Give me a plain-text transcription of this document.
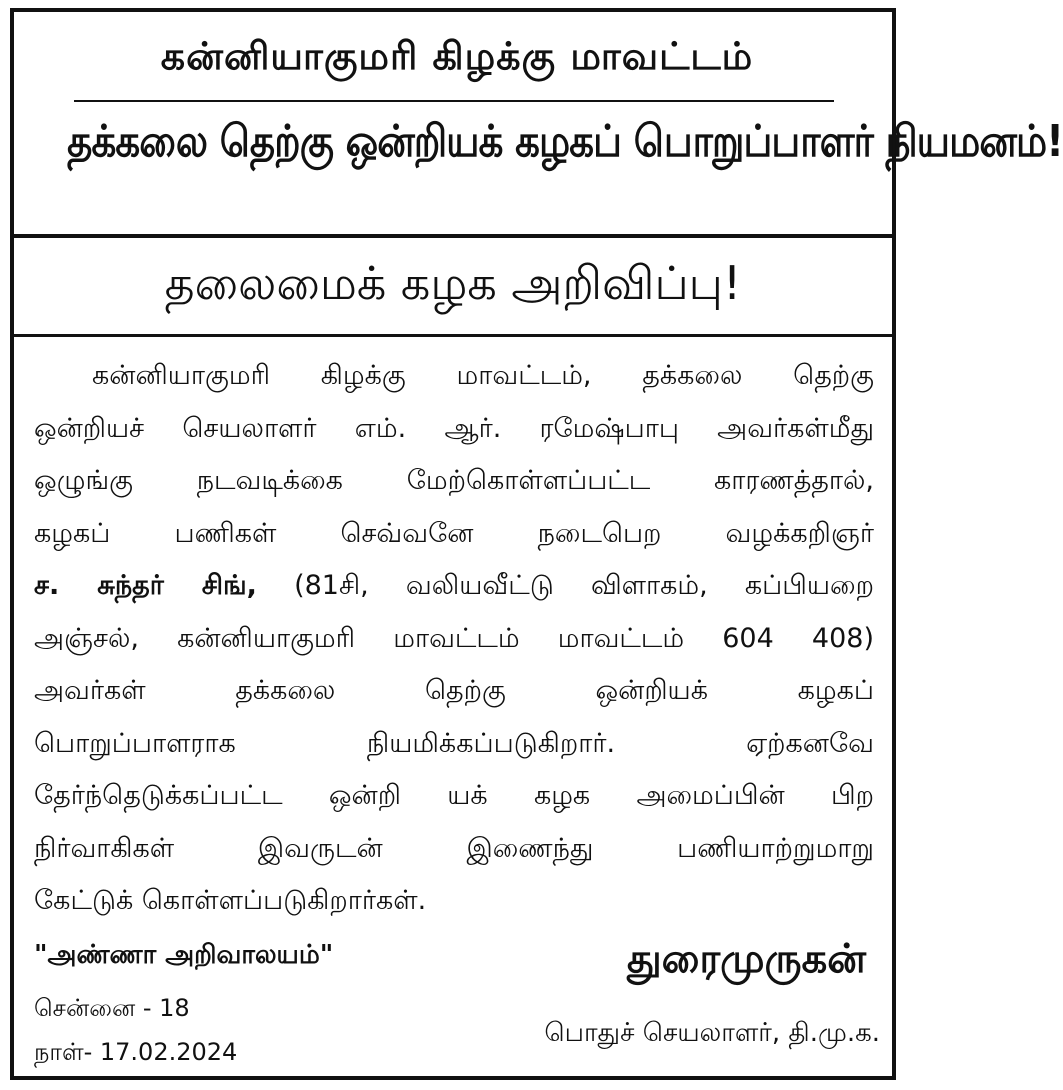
கன்னியாகுமரி கிழக்கு மாவட்டம்
தக்கலை தெற்கு ஒன்றியக் கழகப் பொறுப்பாளர் நியமனம்!
தலைமைக் கழக அறிவிப்பு!
கன்னியாகுமரி கிழக்கு மாவட்டம், தக்கலை தெற்கு
ஒன்றியச் செயலாளர் எம். ஆர். ரமேஷ்பாபு அவர்கள்மீது
ஒழுங்கு நடவடிக்கை மேற்கொள்ளப்பட்ட காரணத்தால்,
கழகப் பணிகள் செவ்வனே நடைபெற வழக்கறிஞர்
ச. சுந்தர் சிங், (81சி, வலியவீட்டு விளாகம், கப்பியறை
அஞ்சல், கன்னியாகுமரி மாவட்டம் மாவட்டம் 604 408)
அவர்கள் தக்கலை தெற்கு ஒன்றியக் கழகப்
பொறுப்பாளராக நியமிக்கப்படுகிறார். ஏற்கனவே
தேர்ந்தெடுக்கப்பட்ட ஒன்றி யக் கழக அமைப்பின் பிற
நிர்வாகிகள் இவருடன் இணைந்து பணியாற்றுமாறு
கேட்டுக் கொள்ளப்படுகிறார்கள்.
"அண்ணா அறிவாலயம்"
சென்னை - 18
நாள்- 17.02.2024
துரைமுருகன்
பொதுச் செயலாளர், தி.மு.க.
